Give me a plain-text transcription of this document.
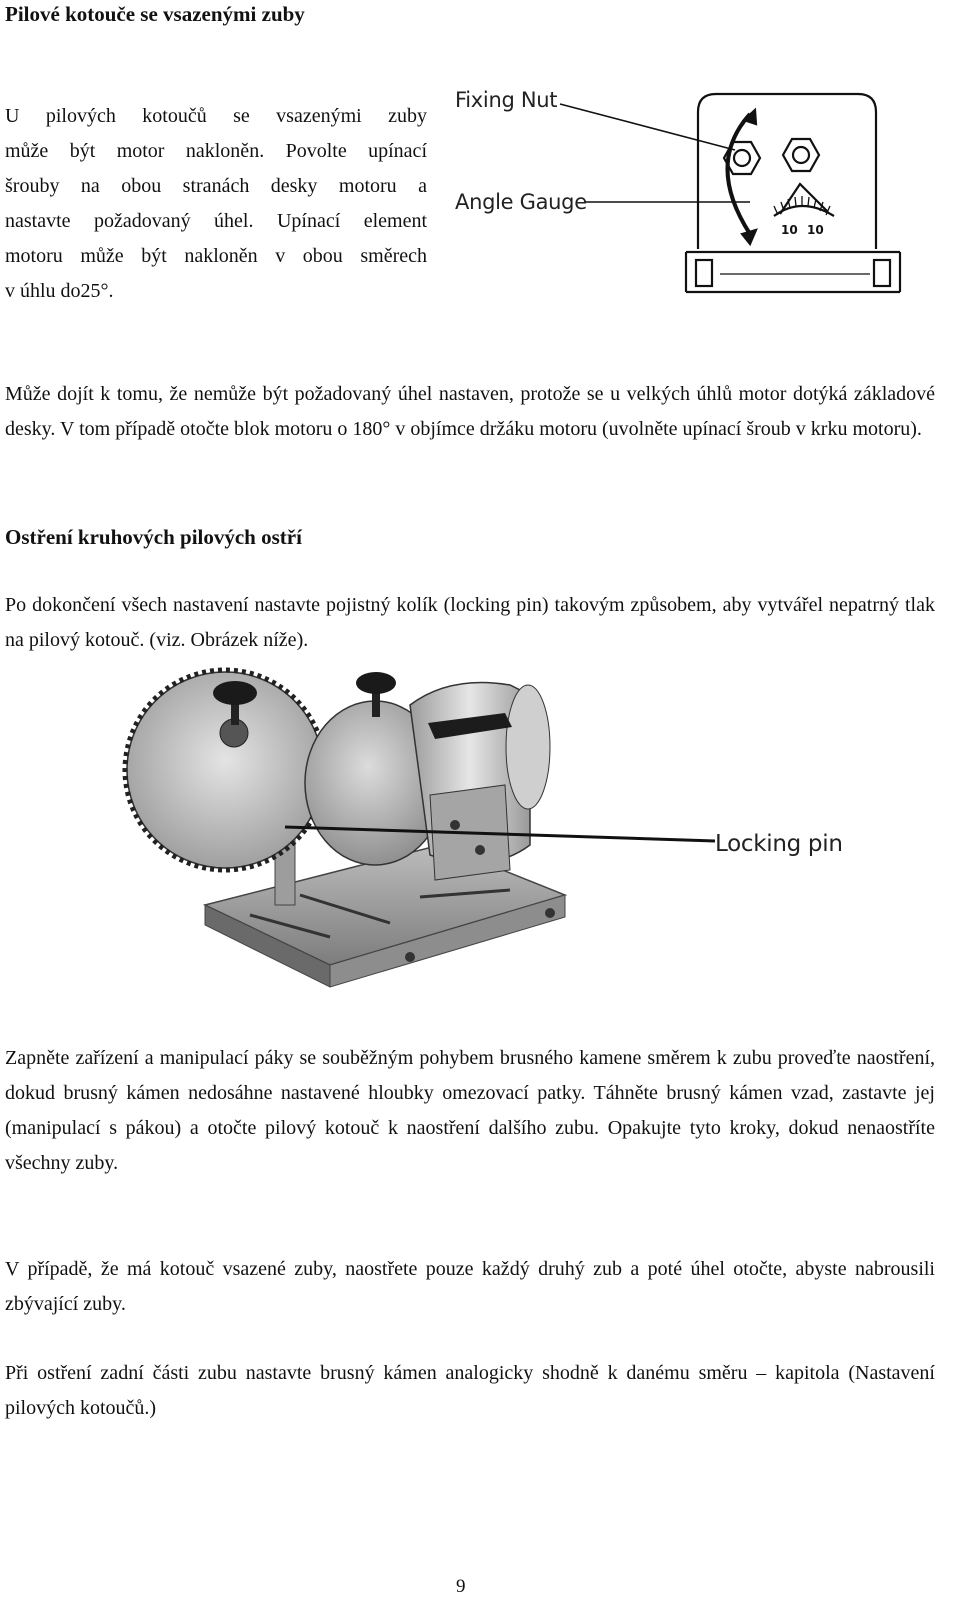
Pilové kotouče se vsazenými zuby

U pilových kotoučů se vsazenými zuby
může být motor nakloněn. Povolte upínací
šrouby na obou stranách desky motoru a
nastavte požadovaný úhel. Upínací element
motoru může být nakloněn v obou směrech
v úhlu do25°.

10 10
Fixing Nut
Angle Gauge

Může dojít k tomu, že nemůže být požadovaný úhel nastaven, protože se u velkých úhlů motor dotýká základové desky. V tom případě otočte blok motoru o 180° v objímce držáku motoru (uvolněte upínací šroub v krku motoru).

Ostření kruhových pilových ostří

Po dokončení všech nastavení nastavte pojistný kolík (locking pin) takovým způsobem, aby vytvářel nepatrný tlak na pilový kotouč. (viz. Obrázek níže).

Locking pin

Zapněte zařízení a manipulací páky se souběžným pohybem brusného kamene směrem k zubu proveďte naostření, dokud brusný kámen nedosáhne nastavené hloubky omezovací patky. Táhněte brusný kámen vzad, zastavte jej (manipulací s pákou) a otočte pilový kotouč k naostření dalšího zubu. Opakujte tyto kroky, dokud nenaostříte všechny zuby.

V případě, že má kotouč vsazené zuby, naostřete pouze každý druhý zub a poté úhel otočte, abyste nabrousili zbývající zuby.

Při ostření zadní části zubu nastavte brusný kámen analogicky shodně k danému směru – kapitola (Nastavení pilových kotoučů.)

9
